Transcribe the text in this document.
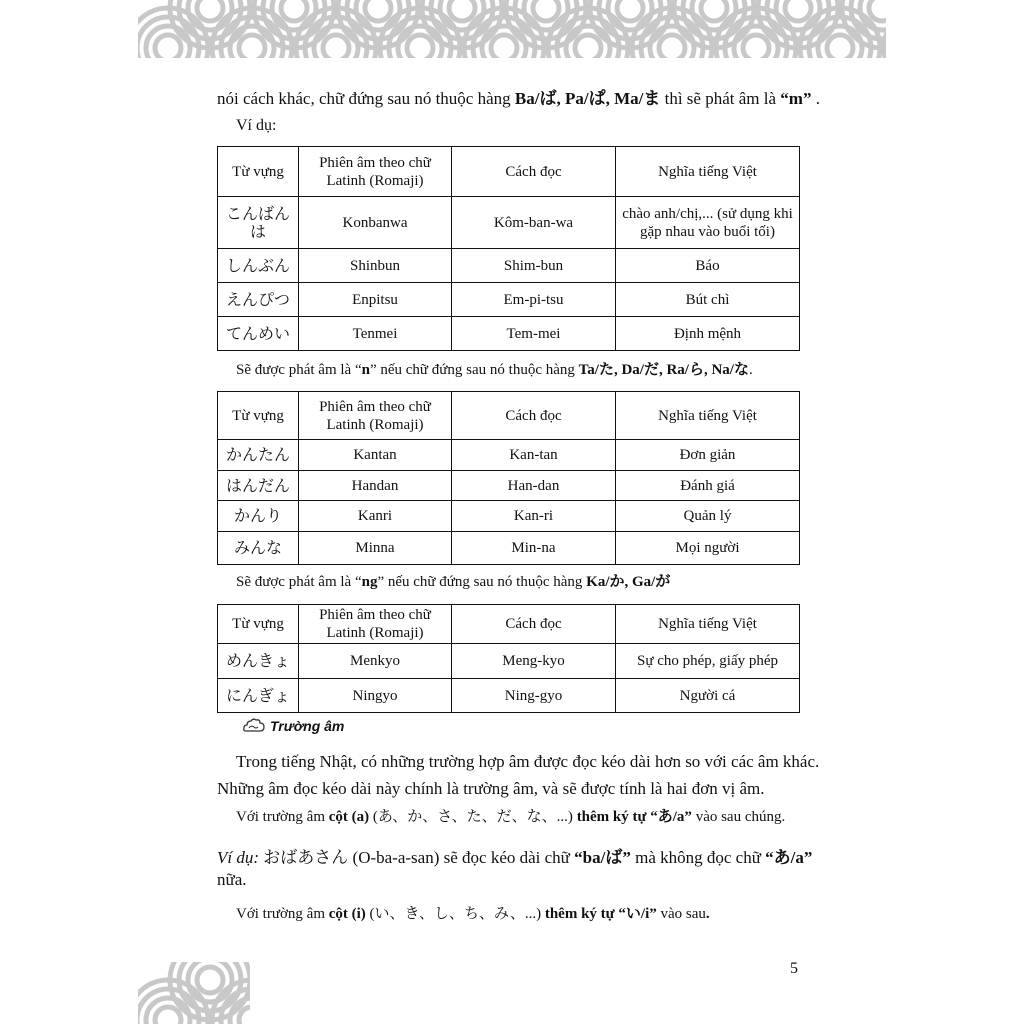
nói cách khác, chữ đứng sau nó thuộc hàng Ba/ば, Pa/ぱ, Ma/ま thì sẽ phát âm là “m” .
Ví dụ:
Từ vựng	Phiên âm theo chữ Latinh (Romaji)	Cách đọc	Nghĩa tiếng Việt
こんばんは	Konbanwa	Kôm-ban-wa	chào anh/chị,... (sử dụng khi gặp nhau vào buổi tối)
しんぶん	Shinbun	Shim-bun	Báo
えんぴつ	Enpitsu	Em-pi-tsu	Bút chì
てんめい	Tenmei	Tem-mei	Định mệnh
Sẽ được phát âm là “n” nếu chữ đứng sau nó thuộc hàng Ta/た, Da/だ, Ra/ら, Na/な.
Từ vựng	Phiên âm theo chữ Latinh (Romaji)	Cách đọc	Nghĩa tiếng Việt
かんたん	Kantan	Kan-tan	Đơn giản
はんだん	Handan	Han-dan	Đánh giá
かんり	Kanri	Kan-ri	Quản lý
みんな	Minna	Min-na	Mọi người
Sẽ được phát âm là “ng” nếu chữ đứng sau nó thuộc hàng Ka/か, Ga/が
Từ vựng	Phiên âm theo chữ Latinh (Romaji)	Cách đọc	Nghĩa tiếng Việt
めんきょ	Menkyo	Meng-kyo	Sự cho phép, giấy phép
にんぎょ	Ningyo	Ning-gyo	Người cá
Trường âm
Trong tiếng Nhật, có những trường hợp âm được đọc kéo dài hơn so với các âm khác.
Những âm đọc kéo dài này chính là trường âm, và sẽ được tính là hai đơn vị âm.
Với trường âm cột (a) (あ、か、さ、た、だ、な、...) thêm ký tự “あ/a” vào sau chúng.
Ví dụ: おばあさん (O-ba-a-san) sẽ đọc kéo dài chữ “ba/ば” mà không đọc chữ “あ/a”
nữa.
Với trường âm cột (i) (い、き、し、ち、み、...) thêm ký tự “い/i” vào sau.
5
